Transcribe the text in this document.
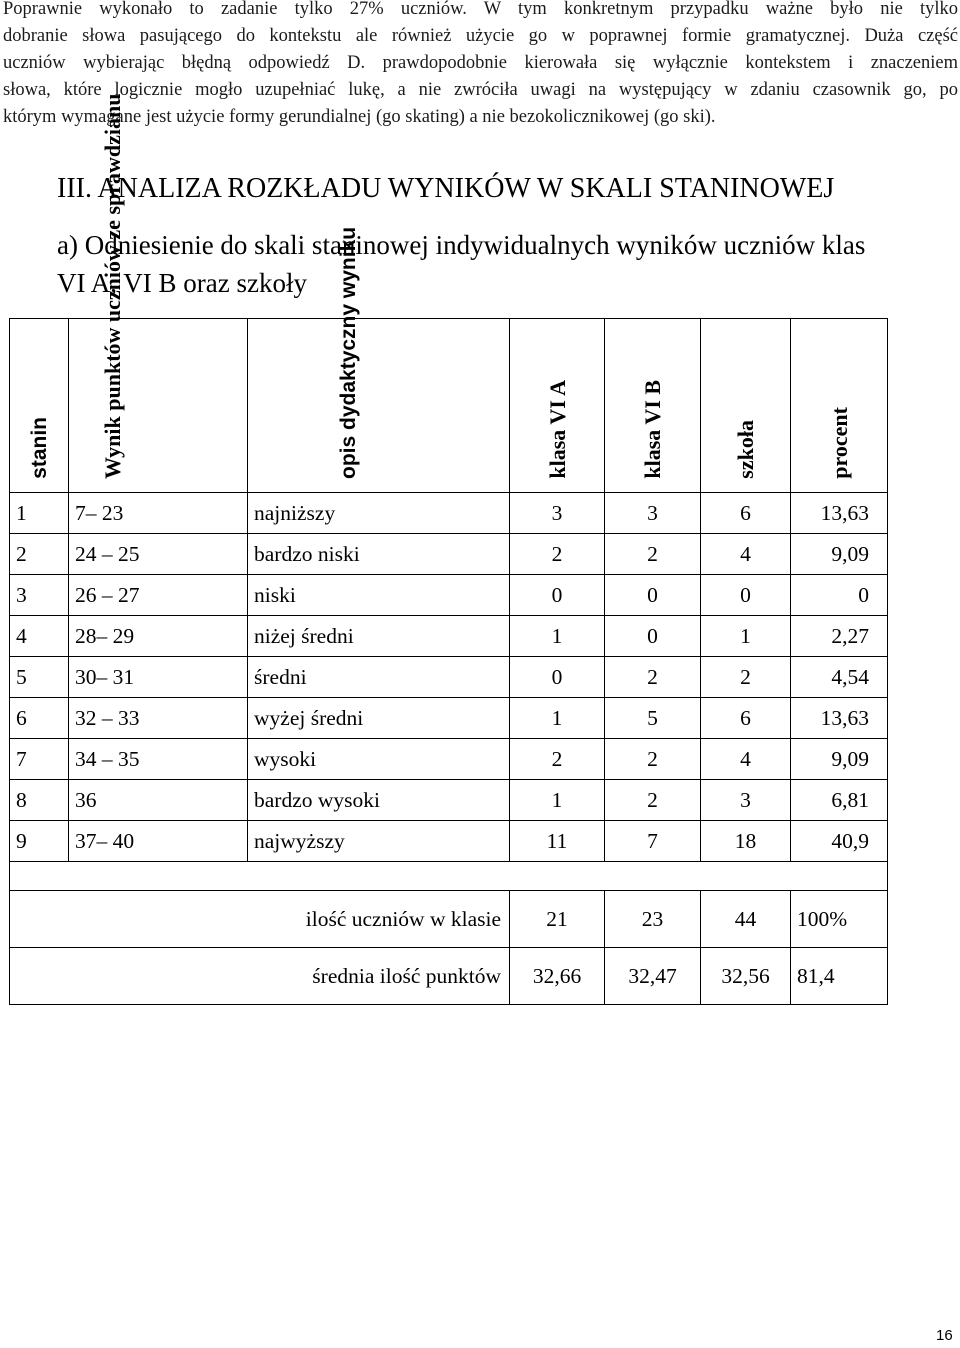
Poprawnie wykonało to zadanie tylko 27% uczniów. W tym konkretnym przypadku ważne było nie tylko
dobranie słowa pasującego do kontekstu ale również użycie go w poprawnej formie gramatycznej. Duża część
uczniów wybierając błędną odpowiedź D. prawdopodobnie kierowała się wyłącznie kontekstem i znaczeniem
słowa, które logicznie mogło uzupełniać lukę, a nie zwróciła uwagi na występujący w zdaniu czasownik go, po
którym wymagane jest użycie formy gerundialnej (go skating) a nie bezokolicznikowej (go ski).
III. ANALIZA ROZKŁADU WYNIKÓW W SKALI STANINOWEJ
a) Odniesienie do skali staninowej indywidualnych wyników uczniów klas
VI A, VI B oraz szkoły
stanin	Wynik punktów uczniów ze sprawdzianu	opis dydaktyczny wyniku	klasa VI A	klasa VI B	szkoła	procent
1	7– 23	najniższy	3	3	6	13,63
2	24 – 25	bardzo niski	2	2	4	9,09
3	26 – 27	niski	0	0	0	0
4	28– 29	niżej średni	1	0	1	2,27
5	30– 31	średni	0	2	2	4,54
6	32 – 33	wyżej średni	1	5	6	13,63
7	34 – 35	wysoki	2	2	4	9,09
8	36	bardzo wysoki	1	2	3	6,81
9	37– 40	najwyższy	11	7	18	40,9

ilość uczniów w klasie			21	23	44	100%
średnia ilość punktów			32,66	32,47	32,56	81,4
16
